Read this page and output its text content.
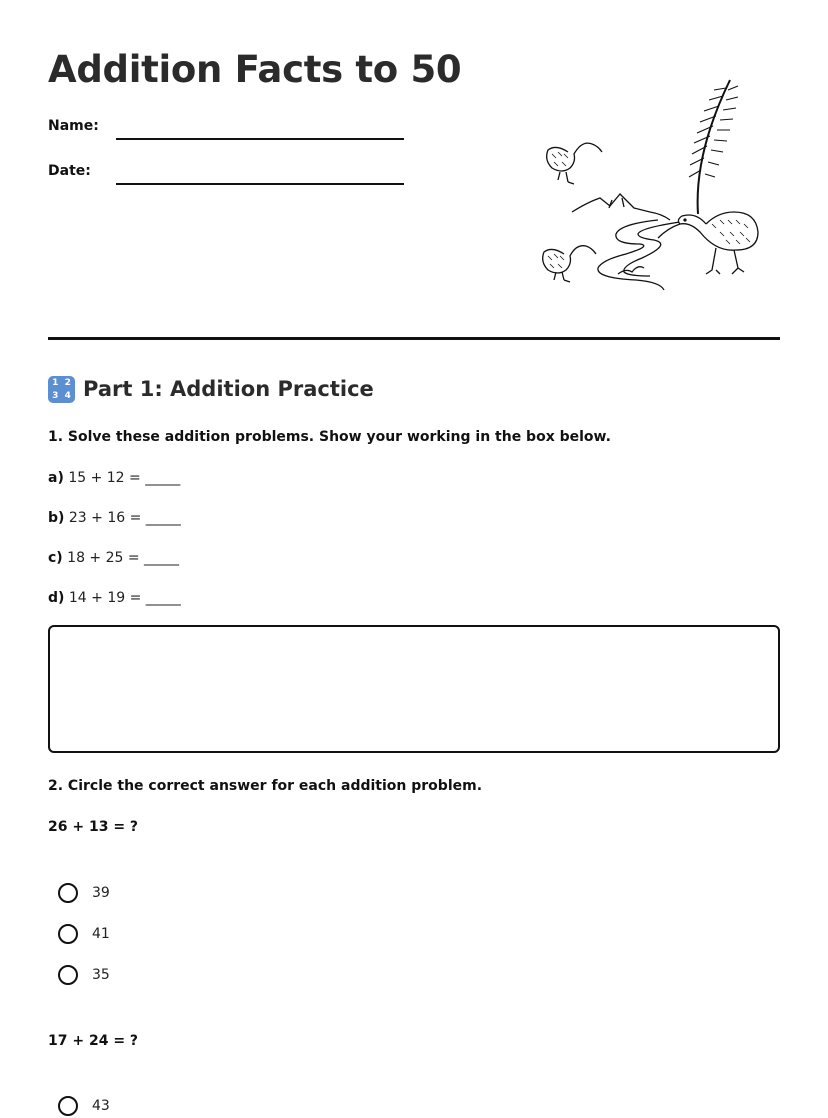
Addition Facts to 50
Name:
Date:
1 2
3 4 Part 1: Addition Practice
1. Solve these addition problems. Show your working in the box below.
a) 15 + 12 = _____
b) 23 + 16 = _____
c) 18 + 25 = _____
d) 14 + 19 = _____
2. Circle the correct answer for each addition problem.
26 + 13 = ?
39
41
35
17 + 24 = ?
43
